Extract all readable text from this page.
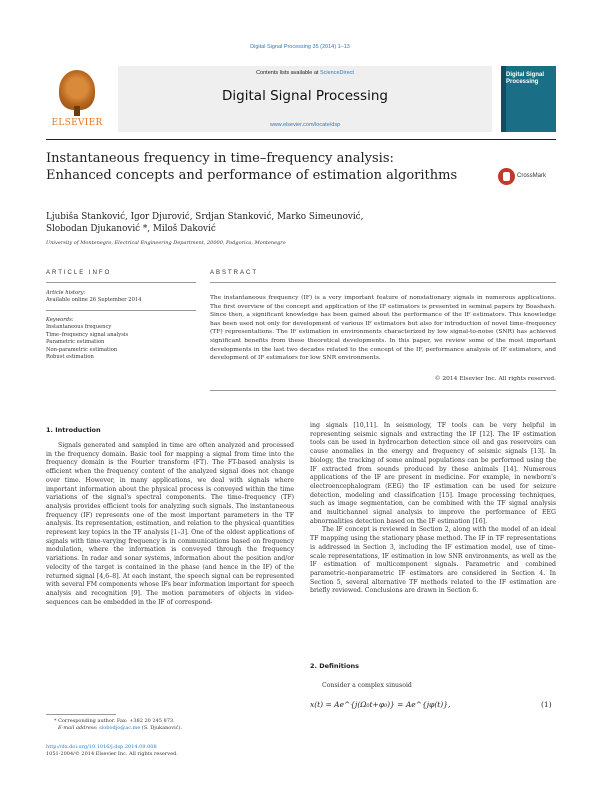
Digital Signal Processing 35 (2014) 1–13
ELSEVIER
Contents lists available at ScienceDirect
Digital Signal Processing
www.elsevier.com/locate/dsp
Digital Signal Processing
Instantaneous frequency in time–frequency analysis:
Enhanced concepts and performance of estimation algorithms	CrossMark
Ljubiša Stanković, Igor Djurović, Srdjan Stanković, Marko Simeunović,
Slobodan Djukanović *, Miloš Daković
University of Montenegro, Electrical Engineering Department, 20000, Podgorica, Montenegro
ARTICLE INFO	ABSTRACT
Article history:
Available online 26 September 2014
Keywords:
Instantaneous frequency
Time–frequency signal analysis
Parametric estimation
Non-parametric estimation
Robust estimation
The instantaneous frequency (IF) is a very important feature of nonstationary signals in numerous applications. The first overview of the concept and application of the IF estimators is presented in seminal papers by Boashash. Since then, a significant knowledge has been gained about the performance of the IF estimators. This knowledge has been used not only for development of various IF estimators but also for introduction of novel time–frequency (TF) representations. The IF estimation in environments characterized by low signal-to-noise (SNR) has achieved significant benefits from these theoretical developments. In this paper, we review some of the most important developments in the last two decades related to the concept of the IF, performance analysis of IF estimators, and development of IF estimators for low SNR environments.
© 2014 Elsevier Inc. All rights reserved.
1. Introduction

Signals generated and sampled in time are often analyzed and processed in the frequency domain. Basic tool for mapping a signal from time into the frequency domain is the Fourier transform (FT). The FT-based analysis is efficient when the frequency content of the analyzed signal does not change over time. However, in many applications, we deal with signals where important information about the physical process is conveyed within the time variations of the signal's spectral components. The time–frequency (TF) analysis provides efficient tools for analyzing such signals. The instantaneous frequency (IF) represents one of the most important parameters in the TF analysis. Its representation, estimation, and relation to the physical quantities represent key topics in the TF analysis [1–3]. One of the oldest applications of signals with time-varying frequency is in communications based on frequency modulation, where the information is conveyed through the frequency variations. In radar and sonar systems, information about the position and/or velocity of the target is contained in the phase (and hence in the IF) of the returned signal [4,6–8]. At each instant, the speech signal can be represented with several FM components whose IFs bear information important for speech analysis and recognition [9]. The motion parameters of objects in video-sequences can be embedded in the IF of correspond-

* Corresponding author. Fax: +382 20 245 873.
E-mail address: slobodjo@ac.me (S. Djukanović).
http://dx.doi.org/10.1016/j.dsp.2014.09.008
1051-2004/© 2014 Elsevier Inc. All rights reserved.

ing signals [10,11]. In seismology, TF tools can be very helpful in representing seismic signals and extracting the IF [12]. The IF estimation tools can be used in hydrocarbon detection since oil and gas reservoirs can cause anomalies in the energy and frequency of seismic signals [13]. In biology, the tracking of some animal populations can be performed using the IF extracted from sounds produced by these animals [14]. Numerous applications of the IF are present in medicine. For example, in newborn's electroencephalogram (EEG) the IF estimation can be used for seizure detection, modeling and classification [15]. Image processing techniques, such as image segmentation, can be combined with the TF signal analysis and multichannel signal analysis to improve the performance of EEG abnormalities detection based on the IF estimation [16].

The IF concept is reviewed in Section 2, along with the model of an ideal TF mapping using the stationary phase method. The IF in TF representations is addressed in Section 3, including the IF estimation model, use of time–scale representations, IF estimation in low SNR environments, as well as the IF estimation of multicomponent signals. Parametric and combined parametric–nonparametric IF estimators are considered in Section 4. In Section 5, several alternative TF methods related to the IF estimation are briefly reviewed. Conclusions are drawn in Section 6.

2. Definitions
Consider a complex sinusoid
x(t) = Ae^{j(Ω₀t+φ₀)} = Ae^{jφ(t)},	(1)
